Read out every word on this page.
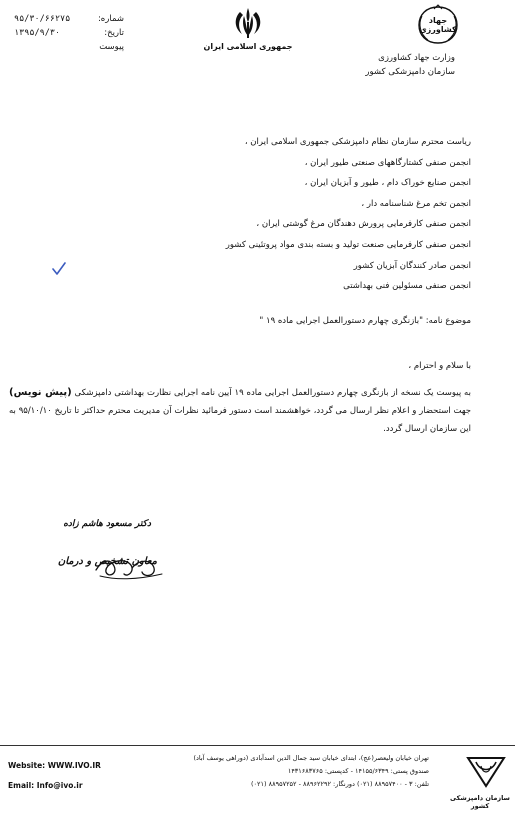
شماره:
۹۵/۳۰/۶۶۲۷۵
تاریخ:
۱۳۹۵/۹/۳۰
پیوست	جمهوری اسلامی ایران
جهاد کشاورزی
وزارت جهاد کشاورزی
سازمان دامپزشکی کشور
ریاست محترم سازمان نظام دامپزشکی جمهوری اسلامی ایران ،
انجمن صنفی کشتارگاههای صنعتی طیور ایران ،
انجمن صنایع خوراک دام ، طیور و آبزیان ایران ،
انجمن تخم مرغ شناسنامه دار ،
انجمن صنفی کارفرمایی پرورش دهندگان مرغ گوشتی ایران ،
انجمن صنفی کارفرمایی صنعت تولید و بسته بندی مواد پروتئینی کشور
انجمن صادر کنندگان آبزیان کشور
انجمن صنفی مسئولین فنی بهداشتی
موضوع نامه: "بازنگری چهارم دستورالعمل اجرایی ماده ۱۹ "
با سلام و احترام ،
به پیوست یک نسخه از بازنگری چهارم دستورالعمل اجرایی ماده ۱۹ آیین نامه اجرایی نظارت بهداشتی دامپزشکی (پیش نویس) جهت استحضار و اعلام نظر ارسال می گردد، خواهشمند است دستور فرمائید نظرات آن مدیریت محترم حداکثر تا تاریخ ۹۵/۱۰/۱۰ به این سازمان ارسال گردد.
دکتر مسعود هاشم زاده
معاون تشخیص و درمان
Website: WWW.IVO.IR
Email: Info@ivo.ir
تهران خیابان ولیعصر(عج)، ابتدای خیابان سید جمال الدین اسدآبادی (دوراهی یوسف آباد)
صندوق پستی: ۱۴۱۵۵/۶۳۴۹ - کدپستی: ۱۴۳۱۶۸۳۷۶۵
تلفن: ۳ - ۸۸۹۵۷۴۰۰ (۰۲۱) دورنگار: ۸۸۹۶۲۲۹۲ - ۸۸۹۵۷۲۵۲ (۰۲۱)
سازمان دامپزشکی کشور
